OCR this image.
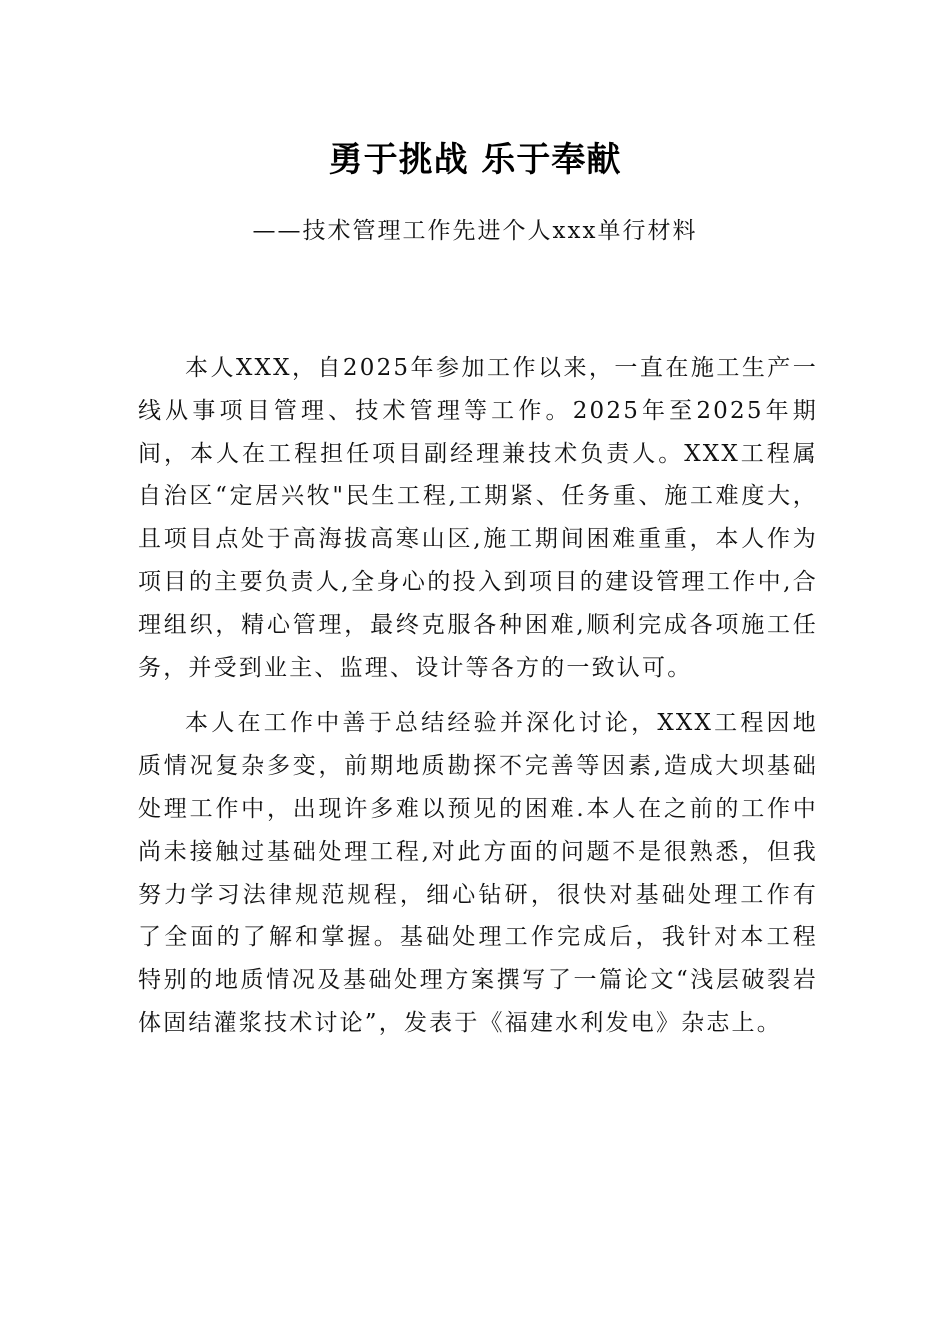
勇于挑战 乐于奉献
——技术管理工作先进个人xxx单行材料

本人XXX，自2025年参加工作以来，一直在施工生产一线从事项目管理、技术管理等工作。2025年至2025年期间，本人在工程担任项目副经理兼技术负责人。XXX工程属自治区“定居兴牧"民生工程,工期紧、任务重、施工难度大，且项目点处于高海拔高寒山区,施工期间困难重重，本人作为项目的主要负责人,全身心的投入到项目的建设管理工作中,合理组织，精心管理，最终克服各种困难,顺利完成各项施工任务，并受到业主、监理、设计等各方的一致认可。

本人在工作中善于总结经验并深化讨论，XXX工程因地质情况复杂多变，前期地质勘探不完善等因素,造成大坝基础处理工作中，出现许多难以预见的困难.本人在之前的工作中尚未接触过基础处理工程,对此方面的问题不是很熟悉，但我努力学习法律规范规程，细心钻研，很快对基础处理工作有了全面的了解和掌握。基础处理工作完成后，我针对本工程特别的地质情况及基础处理方案撰写了一篇论文“浅层破裂岩体固结灌浆技术讨论”，发表于《福建水利发电》杂志上。
